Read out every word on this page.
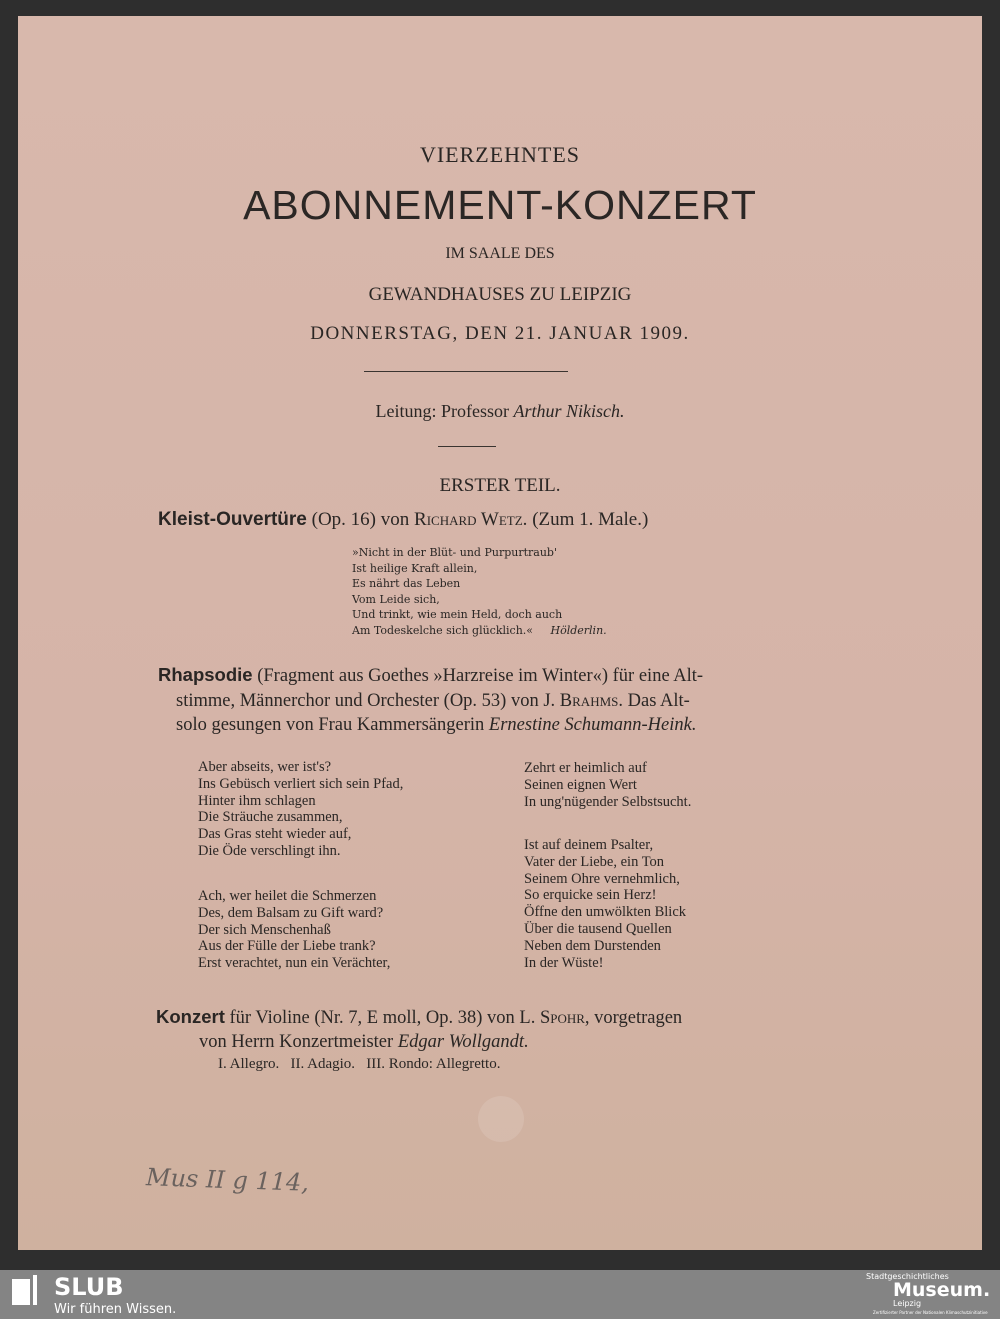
VIERZEHNTES
ABONNEMENT-KONZERT
IM SAALE DES
GEWANDHAUSES ZU LEIPZIG
DONNERSTAG, DEN 21. JANUAR 1909.
Leitung: Professor Arthur Nikisch.
ERSTER TEIL.
Kleist-Ouvertüre (Op. 16) von Richard Wetz. (Zum 1. Male.)
»Nicht in der Blüt- und Purpurtraub'
Ist heilige Kraft allein,
Es nährt das Leben
Vom Leide sich,
Und trinkt, wie mein Held, doch auch
Am Todeskelche sich glücklich.« Hölderlin.
Rhapsodie (Fragment aus Goethes »Harzreise im Winter«) für eine Alt-
stimme, Männerchor und Orchester (Op. 53) von J. Brahms. Das Alt-
solo gesungen von Frau Kammersängerin Ernestine Schumann-Heink.
Aber abseits, wer ist's?
Ins Gebüsch verliert sich sein Pfad,
Hinter ihm schlagen
Die Sträuche zusammen,
Das Gras steht wieder auf,
Die Öde verschlingt ihn.
Ach, wer heilet die Schmerzen
Des, dem Balsam zu Gift ward?
Der sich Menschenhaß
Aus der Fülle der Liebe trank?
Erst verachtet, nun ein Verächter,
Zehrt er heimlich auf
Seinen eignen Wert
In ung'nügender Selbstsucht.
Ist auf deinem Psalter,
Vater der Liebe, ein Ton
Seinem Ohre vernehmlich,
So erquicke sein Herz!
Öffne den umwölkten Blick
Über die tausend Quellen
Neben dem Durstenden
In der Wüste!
Konzert für Violine (Nr. 7, E moll, Op. 38) von L. Spohr, vorgetragen
von Herrn Konzertmeister Edgar Wollgandt.
I. Allegro.   II. Adagio.   III. Rondo: Allegretto.
Mus II g 114,
SLUB
Wir führen Wissen.
Stadtgeschichtliches
Museum.
Leipzig
Zertifizierter Partner der Nationalen Klimaschutzinitiative
